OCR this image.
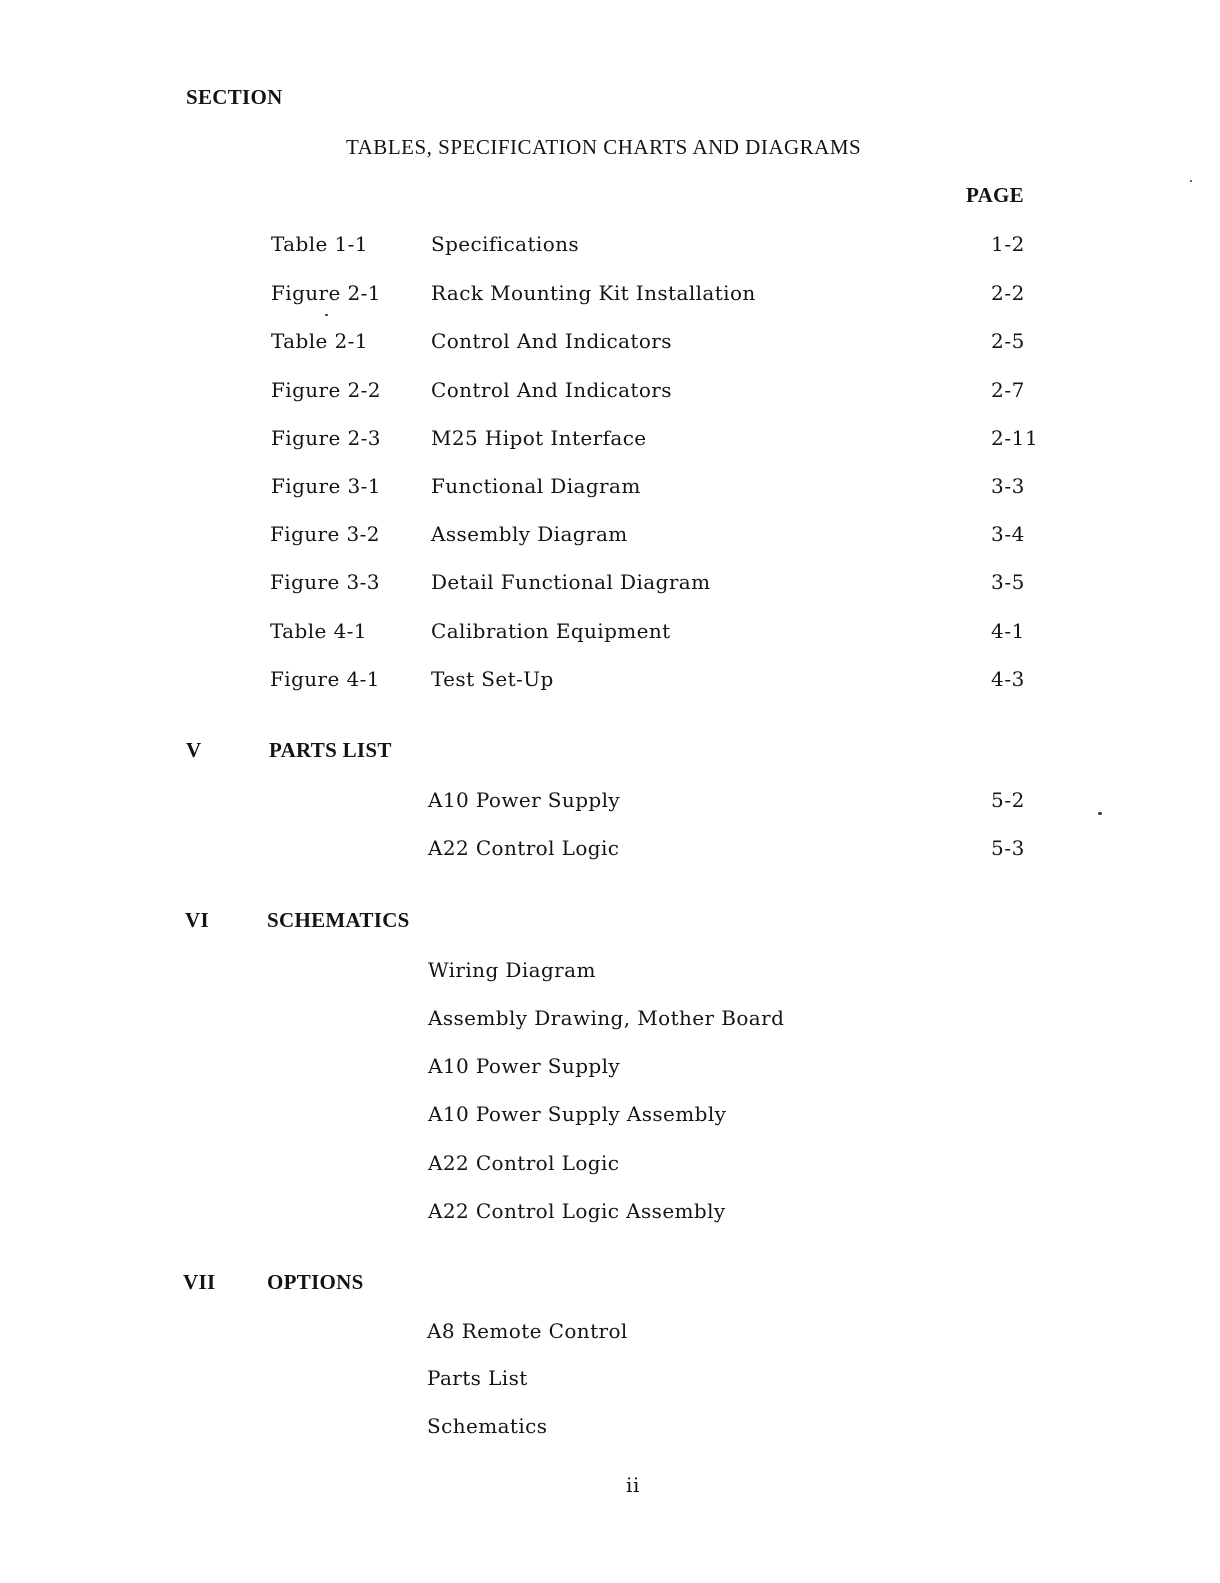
SECTION
TABLES, SPECIFICATION CHARTS AND DIAGRAMS
PAGE
Table 1-1	Specifications	1-2
Figure 2-1	Rack Mounting Kit Installation	2-2
Table 2-1	Control And Indicators	2-5
Figure 2-2	Control And Indicators	2-7
Figure 2-3	M25 Hipot Interface	2-11
Figure 3-1	Functional Diagram	3-3
Figure 3-2	Assembly Diagram	3-4
Figure 3-3	Detail Functional Diagram	3-5
Table 4-1	Calibration Equipment	4-1
Figure 4-1	Test Set-Up	4-3
V	PARTS LIST
A10 Power Supply	5-2
A22 Control Logic	5-3
VI	SCHEMATICS
Wiring Diagram
Assembly Drawing, Mother Board
A10 Power Supply
A10 Power Supply Assembly
A22 Control Logic
A22 Control Logic Assembly
VII OPTIONS
A8 Remote Control
Parts List
Schematics
ii
